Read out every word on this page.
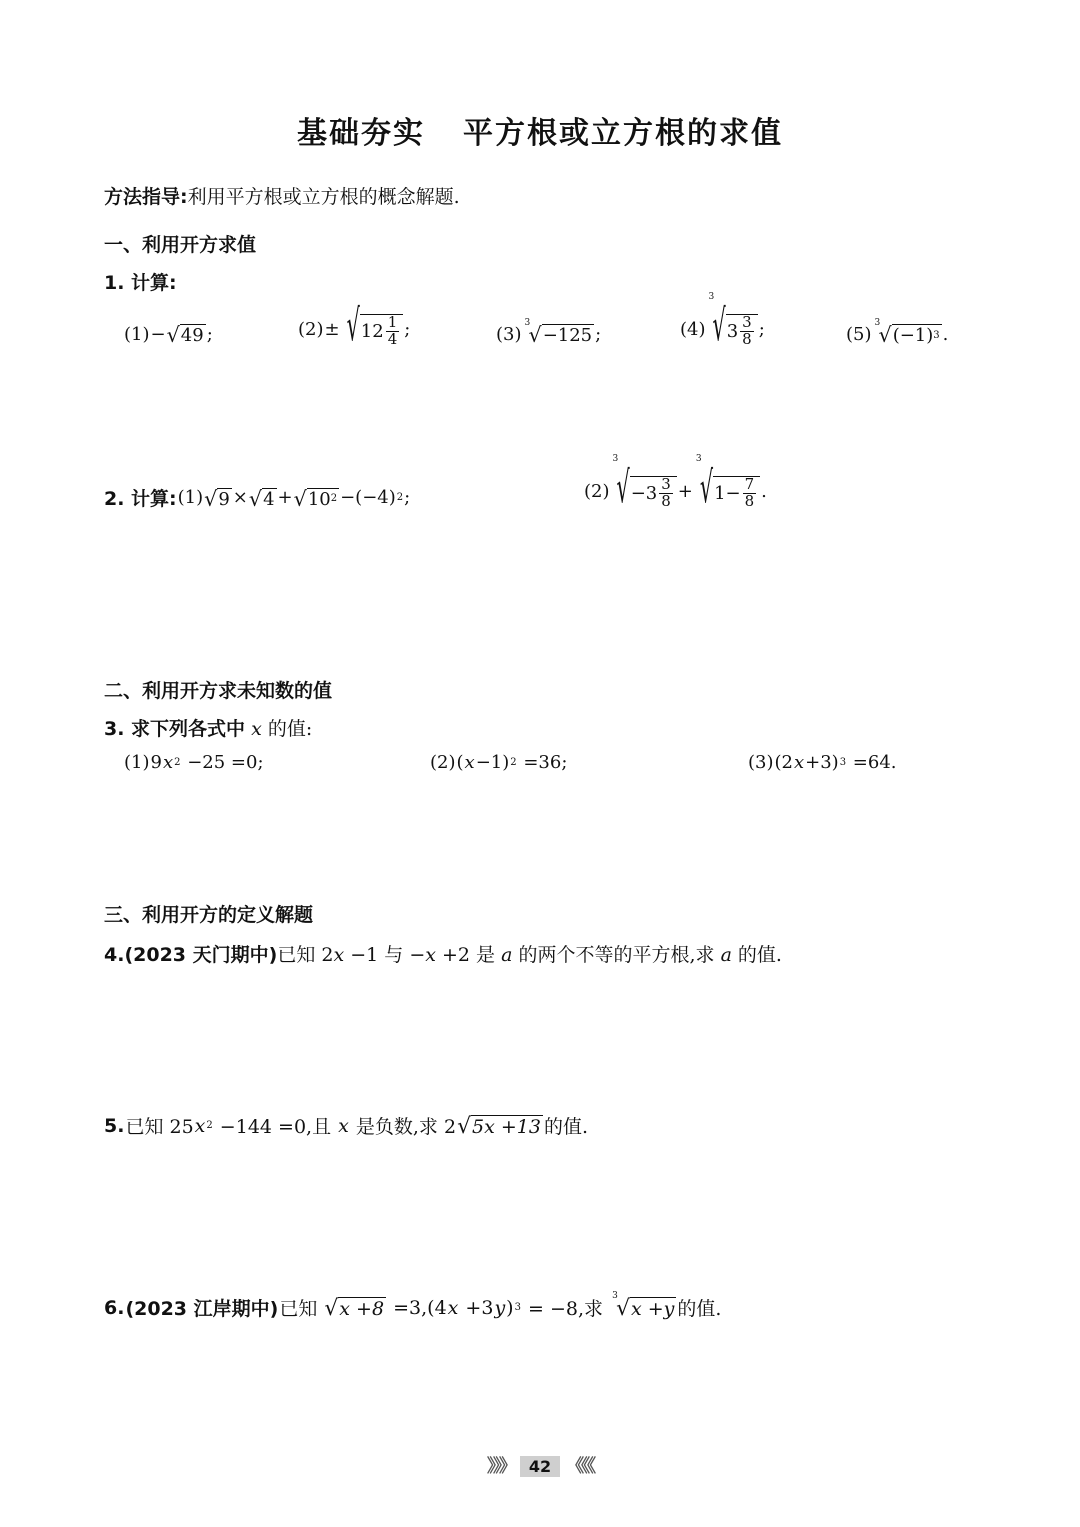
基础夯实 平方根或立方根的求值
方法指导:利用平方根或立方根的概念解题.
一、利用开方求值
1. 计算:
(1) − √ 49 ;	(2) ± √ $12 \frac{1}{4}$ ;	(3)
3
√ −125 ;	(4)
3
√ $3 \frac{3}{8}$ ;	(5)
3
√ (−1) 3 .
2. 计算: (1) √ 9 × √ 4 + √ 10 2 −(−4) 2 ;	(2)
3
√ $-3 \frac{3}{8}$ +
3
√ $1- \frac{7}{8}$ .
二、利用开方求未知数的值
3. 求下列各式中 x 的值:
(1) 9 x 2 −25 =0;	(2) ( x −1) 2 =36;	(3) (2 x +3) 3 =64.
三、利用开方的定义解题
4.(2023 天门期中)已知 2x −1 与 −x +2 是 a 的两个不等的平方根,求 a 的值.
5. 已知 25 x 2 −144 =0,且 x 是负数,求 2 √ 5x +13 的值.
6. (2023 江岸期中) 已知 √ x +8 =3,(4 x +3 y ) 3 = −8,求
3
√ x +y 的值.
》》》 42 《《《
